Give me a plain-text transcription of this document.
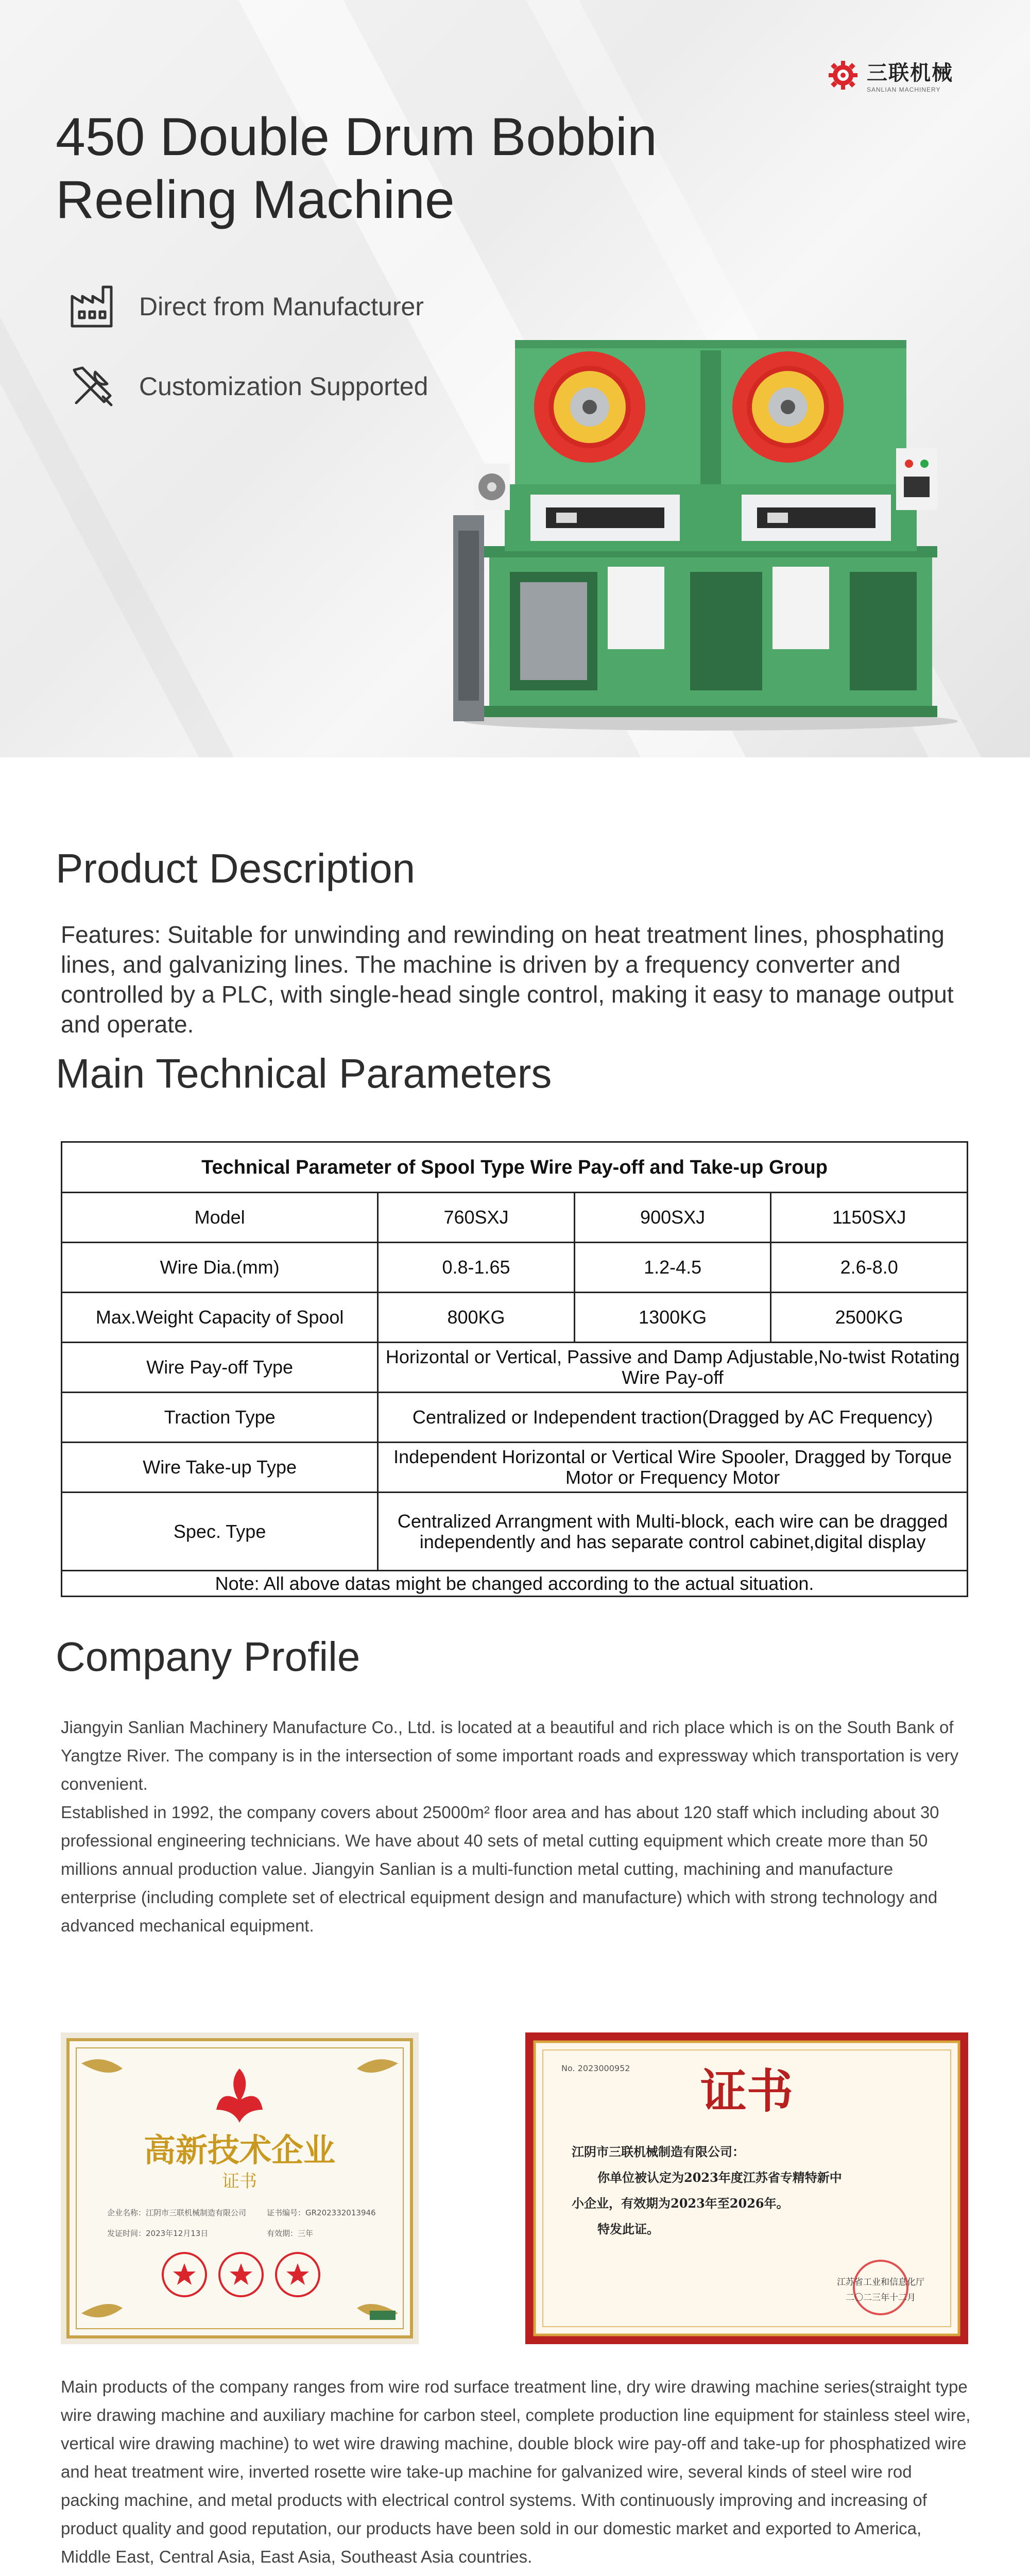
三联机械
SANLIAN MACHINERY
450 Double Drum Bobbin
Reeling Machine
Direct from Manufacturer
Customization Supported
Product Description

Features: Suitable for unwinding and rewinding on heat treatment lines, phosphating lines, and galvanizing lines. The machine is driven by a frequency converter and controlled by a PLC, with single-head single control, making it easy to manage output and operate.

Main Technical Parameters
Technical Parameter of Spool Type Wire Pay-off and Take-up Group			
Model	760SXJ	900SXJ	1150SXJ
Wire Dia.(mm)	0.8-1.65	1.2-4.5	2.6-8.0
Max.Weight Capacity of Spool	800KG	1300KG	2500KG
Wire Pay-off Type	Horizontal or Vertical, Passive and Damp Adjustable,No-twist Rotating Wire Pay-off		
Traction Type	Centralized or Independent traction(Dragged by AC Frequency)		
Wire Take-up Type	Independent Horizontal or Vertical Wire Spooler, Dragged by Torque Motor or Frequency Motor		
Spec. Type	Centralized Arrangment with Multi-block, each wire can be dragged independently and has separate control cabinet,digital display		
Note: All above datas might be changed according to the actual situation.			
Company Profile

Jiangyin Sanlian Machinery Manufacture Co., Ltd. is located at a beautiful and rich place which is on the South Bank of Yangtze River. The company is in the intersection of some important roads and expressway which transportation is very convenient.

Established in 1992, the company covers about 25000m² floor area and has about 120 staff which including about 30 professional engineering technicians. We have about 40 sets of metal cutting equipment which create more than 50 millions annual production value. Jiangyin Sanlian is a multi-function metal cutting, machining and manufacture enterprise (including complete set of electrical equipment design and manufacture) which with strong technology and advanced mechanical equipment.

高新技术企业
证书
企业名称：江阴市三联机械制造有限公司	证书编号：GR202332013946
发证时间：2023年12月13日	有效期：三年
证书
No. 2023000952
江阴市三联机械制造有限公司：
你单位被认定为2023年度江苏省专精特新中
小企业，有效期为2023年至2026年。
特发此证。
江苏省工业和信息化厅
二〇二三年十二月

Main products of the company ranges from wire rod surface treatment line, dry wire drawing machine series(straight type wire drawing machine and auxiliary machine for carbon steel, complete production line equipment for stainless steel wire, vertical wire drawing machine) to wet wire drawing machine, double block wire pay-off and take-up for phosphatized wire and heat treatment wire, inverted rosette wire take-up machine for galvanized wire, several kinds of steel wire rod packing machine, and metal products with electrical control systems. With continuously improving and increasing of product quality and good reputation, our products have been sold in our domestic market and exported to America, Middle East, Central Asia, East Asia, Southeast Asia countries.
